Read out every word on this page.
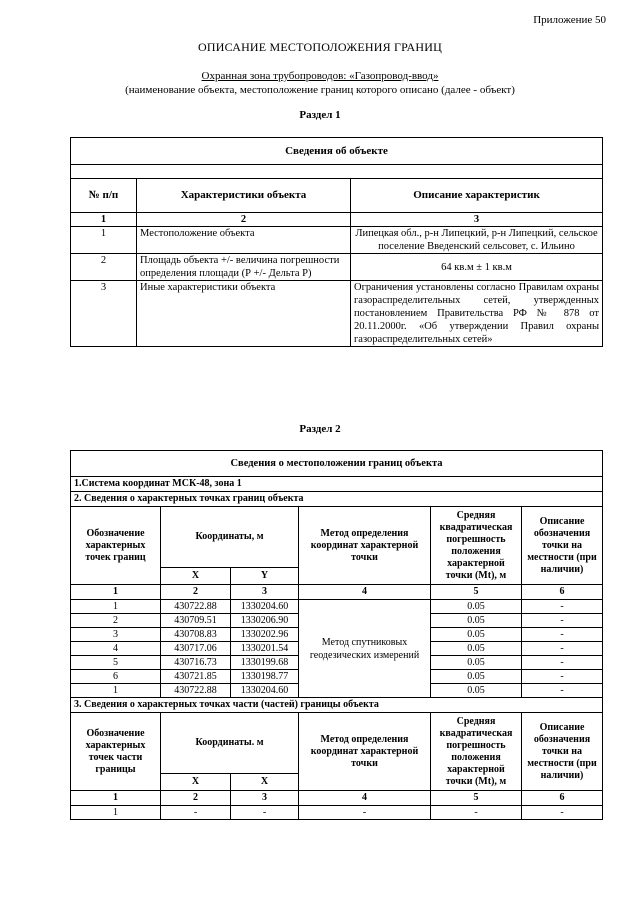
Приложение 50
ОПИСАНИЕ МЕСТОПОЛОЖЕНИЯ ГРАНИЦ
Охранная зона трубопроводов: «Газопровод-ввод»
(наименование объекта, местоположение границ которого описано (далее - объект)
Раздел 1
Сведения об объекте		

№ п/п	Характеристики объекта	Описание характеристик
1	2	3
1	Местоположение объекта	Липецкая обл., р-н Липецкий, р-н Липецкий, сельское поселение Введенский сельсовет, с. Ильино
2	Площадь объекта +/- величина погрешности определения площади (Р +/- Дельта Р)	64 кв.м ± 1 кв.м
3	Иные характеристики объекта	Ограничения установлены согласно Правилам охраны газораспределительных сетей, утвержденных постановлением Правительства РФ № 878 от 20.11.2000г. «Об утверждении Правил охраны
газораспределительных сетей»
Раздел 2
Сведения о местоположении границ объекта					
1.Система координат МСК-48, зона 1					
2. Сведения о характерных точках границ объекта					
Обозначение характерных точек границ	Координаты, м		Метод определения координат характерной точки	Средняя квадратическая погрешность положения характерной точки (Mt), м	Описание обозначения точки на местности (при наличии)
	X	Y			
1	2	3	4	5	6
1	430722.88	1330204.60	Метод спутниковых геодезических измерений	0.05	-
2	430709.51	1330206.90		0.05	-
3	430708.83	1330202.96		0.05	-
4	430717.06	1330201.54		0.05	-
5	430716.73	1330199.68		0.05	-
6	430721.85	1330198.77		0.05	-
1	430722.88	1330204.60		0.05	-
3. Сведения о характерных точках части (частей) границы объекта					
Обозначение характерных точек части границы	Координаты. м		Метод определения координат характерной точки	Средняя квадратическая погрешность положения характерной точки (Mt), м	Описание обозначения точки на местности (при наличии)
	X	X			
1	2	3	4	5	6
1	-	-	-	-	-
